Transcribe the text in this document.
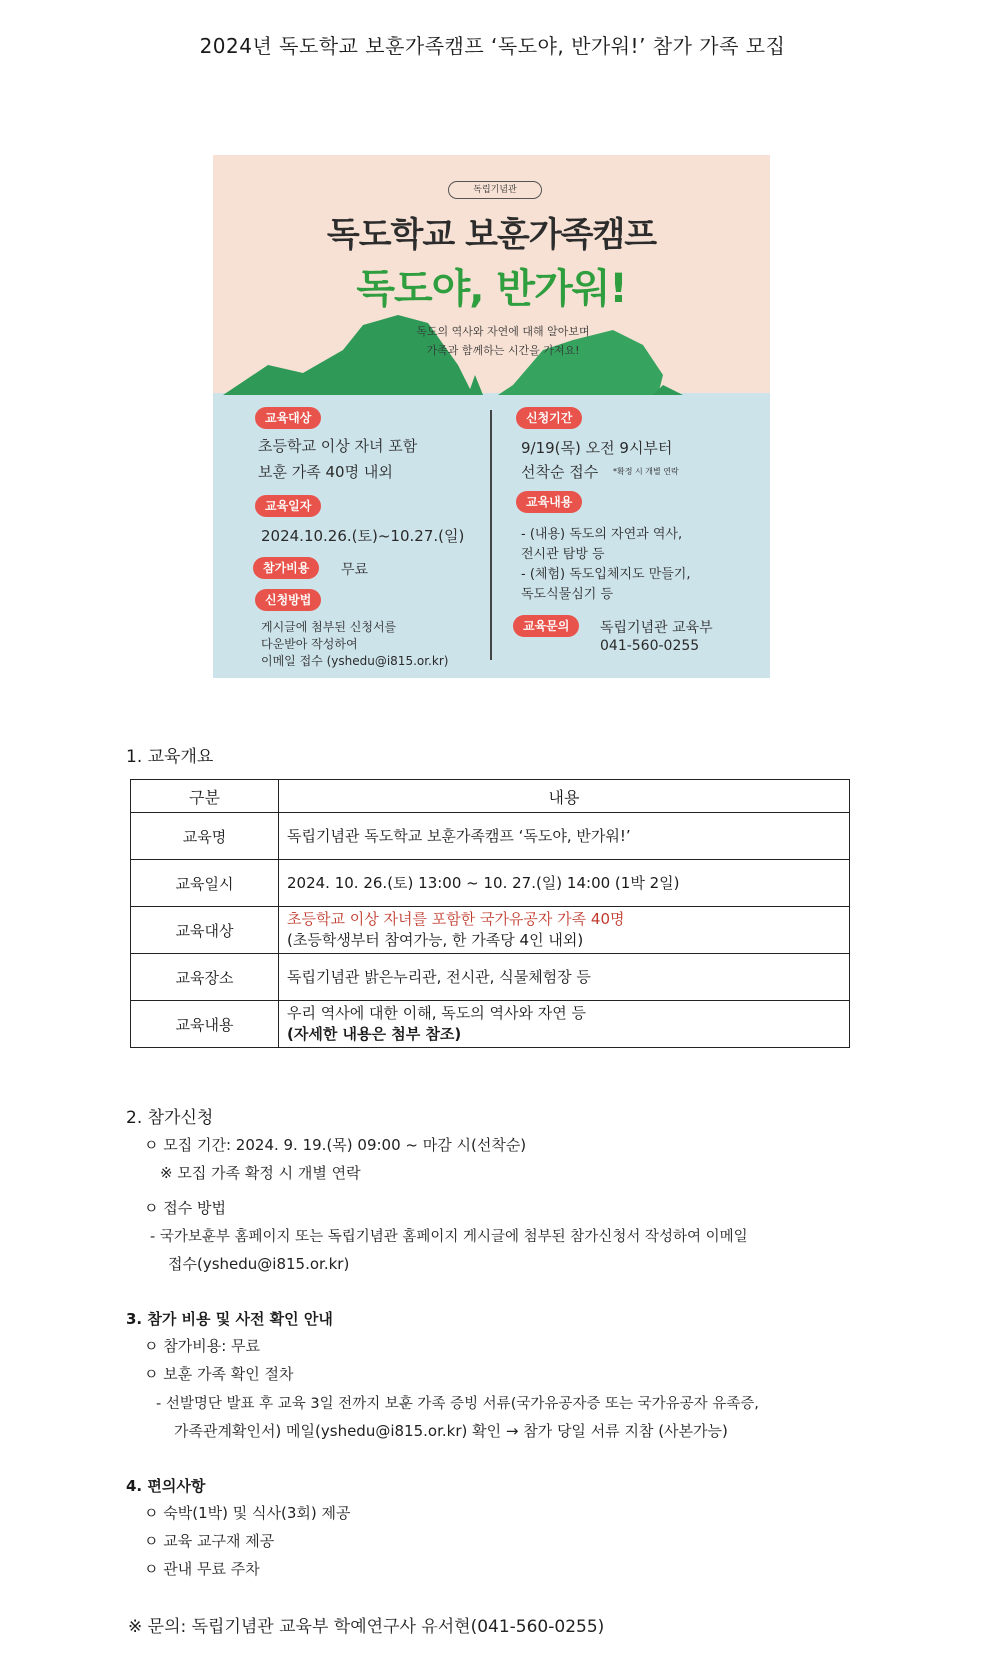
2024년 독도학교 보훈가족캠프 ‘독도야, 반가워!’ 참가 가족 모집
독립기념관
독도학교 보훈가족캠프
독도야, 반가워!
독도의 역사와 자연에 대해 알아보며
가족과 함께하는 시간을 가져요!
교육대상
초등학교 이상 자녀 포함
보훈 가족 40명 내외
교육일자
2024.10.26.(토)~10.27.(일)
참가비용	무료
신청방법
게시글에 첨부된 신청서를
다운받아 작성하여
이메일 접수 (yshedu@i815.or.kr)
신청기간
9/19(목) 오전 9시부터
선착순 접수 *확정 시 개별 연락
교육내용
- (내용) 독도의 자연과 역사,
전시관 탐방 등
- (체험) 독도입체지도 만들기,
독도식물심기 등
교육문의	독립기념관 교육부
041-560-0255
1. 교육개요
구분	내용
교육명	독립기념관 독도학교 보훈가족캠프 ‘독도야, 반가워!’
교육일시	2024. 10. 26.(토) 13:00 ~ 10. 27.(일) 14:00 (1박 2일)
교육대상	초등학교 이상 자녀를 포함한 국가유공자 가족 40명
(초등학생부터 참여가능, 한 가족당 4인 내외)

교육장소	독립기념관 밝은누리관, 전시관, 식물체험장 등
교육내용	우리 역사에 대한 이해, 독도의 역사와 자연 등
(자세한 내용은 첨부 참조)
2. 참가신청
ㅇ 모집 기간: 2024. 9. 19.(목) 09:00 ~ 마감 시(선착순)
※ 모집 가족 확정 시 개별 연락
ㅇ 접수 방법
- 국가보훈부 홈페이지 또는 독립기념관 홈페이지 게시글에 첨부된 참가신청서 작성하여 이메일
접수(yshedu@i815.or.kr)
3. 참가 비용 및 사전 확인 안내
ㅇ 참가비용: 무료
ㅇ 보훈 가족 확인 절차
- 선발명단 발표 후 교육 3일 전까지 보훈 가족 증빙 서류(국가유공자증 또는 국가유공자 유족증,
가족관계확인서) 메일(yshedu@i815.or.kr) 확인 → 참가 당일 서류 지참 (사본가능)
4. 편의사항
ㅇ 숙박(1박) 및 식사(3회) 제공
ㅇ 교육 교구재 제공
ㅇ 관내 무료 주차
※ 문의: 독립기념관 교육부 학예연구사 유서현(041-560-0255)
